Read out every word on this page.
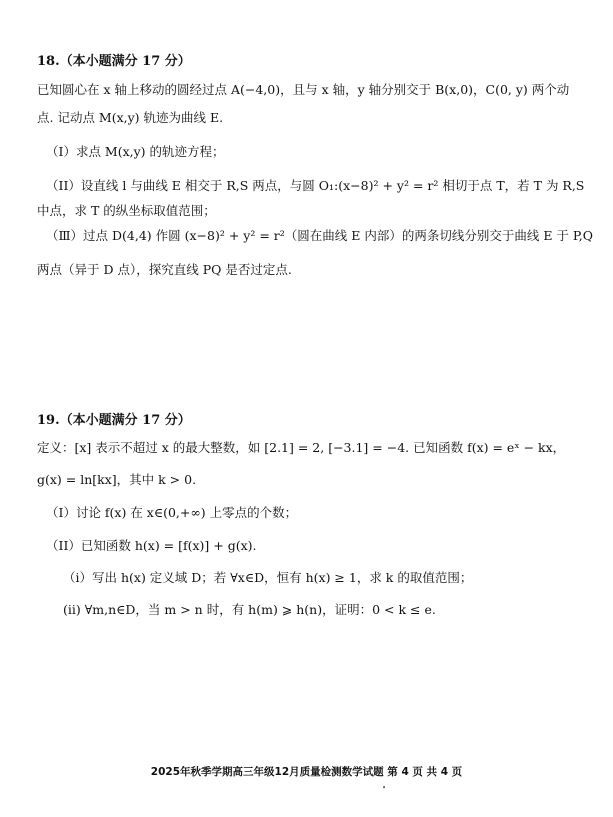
18.（本小题满分 17 分）
已知圆心在 x 轴上移动的圆经过点 A(−4,0)，且与 x 轴，y 轴分别交于 B(x,0)，C(0, y) 两个动
点. 记动点 M(x,y) 轨迹为曲线 E.
（I）求点 M(x,y) 的轨迹方程；
（II）设直线 l 与曲线 E 相交于 R,S 两点，与圆 O₁:(x−8)² + y² = r² 相切于点 T，若 T 为 R,S
中点，求 T 的纵坐标取值范围；
（Ⅲ）过点 D(4,4) 作圆 (x−8)² + y² = r²（圆在曲线 E 内部）的两条切线分别交于曲线 E 于 P,Q
两点（异于 D 点），探究直线 PQ 是否过定点.
19.（本小题满分 17 分）
定义：[x] 表示不超过 x 的最大整数，如 [2.1] = 2, [−3.1] = −4. 已知函数 f(x) = eˣ − kx，
g(x) = ln[kx]，其中 k > 0.
（I）讨论 f(x) 在 x∈(0,+∞) 上零点的个数；
（II）已知函数 h(x) = [f(x)] + g(x).
（i）写出 h(x) 定义域 D；若 ∀x∈D，恒有 h(x) ≥ 1，求 k 的取值范围；
(ii) ∀m,n∈D，当 m > n 时，有 h(m) ⩾ h(n)，证明：0 < k ≤ e.
2025年秋季学期高三年级12月质量检测数学试题 第 4 页 共 4 页
•
